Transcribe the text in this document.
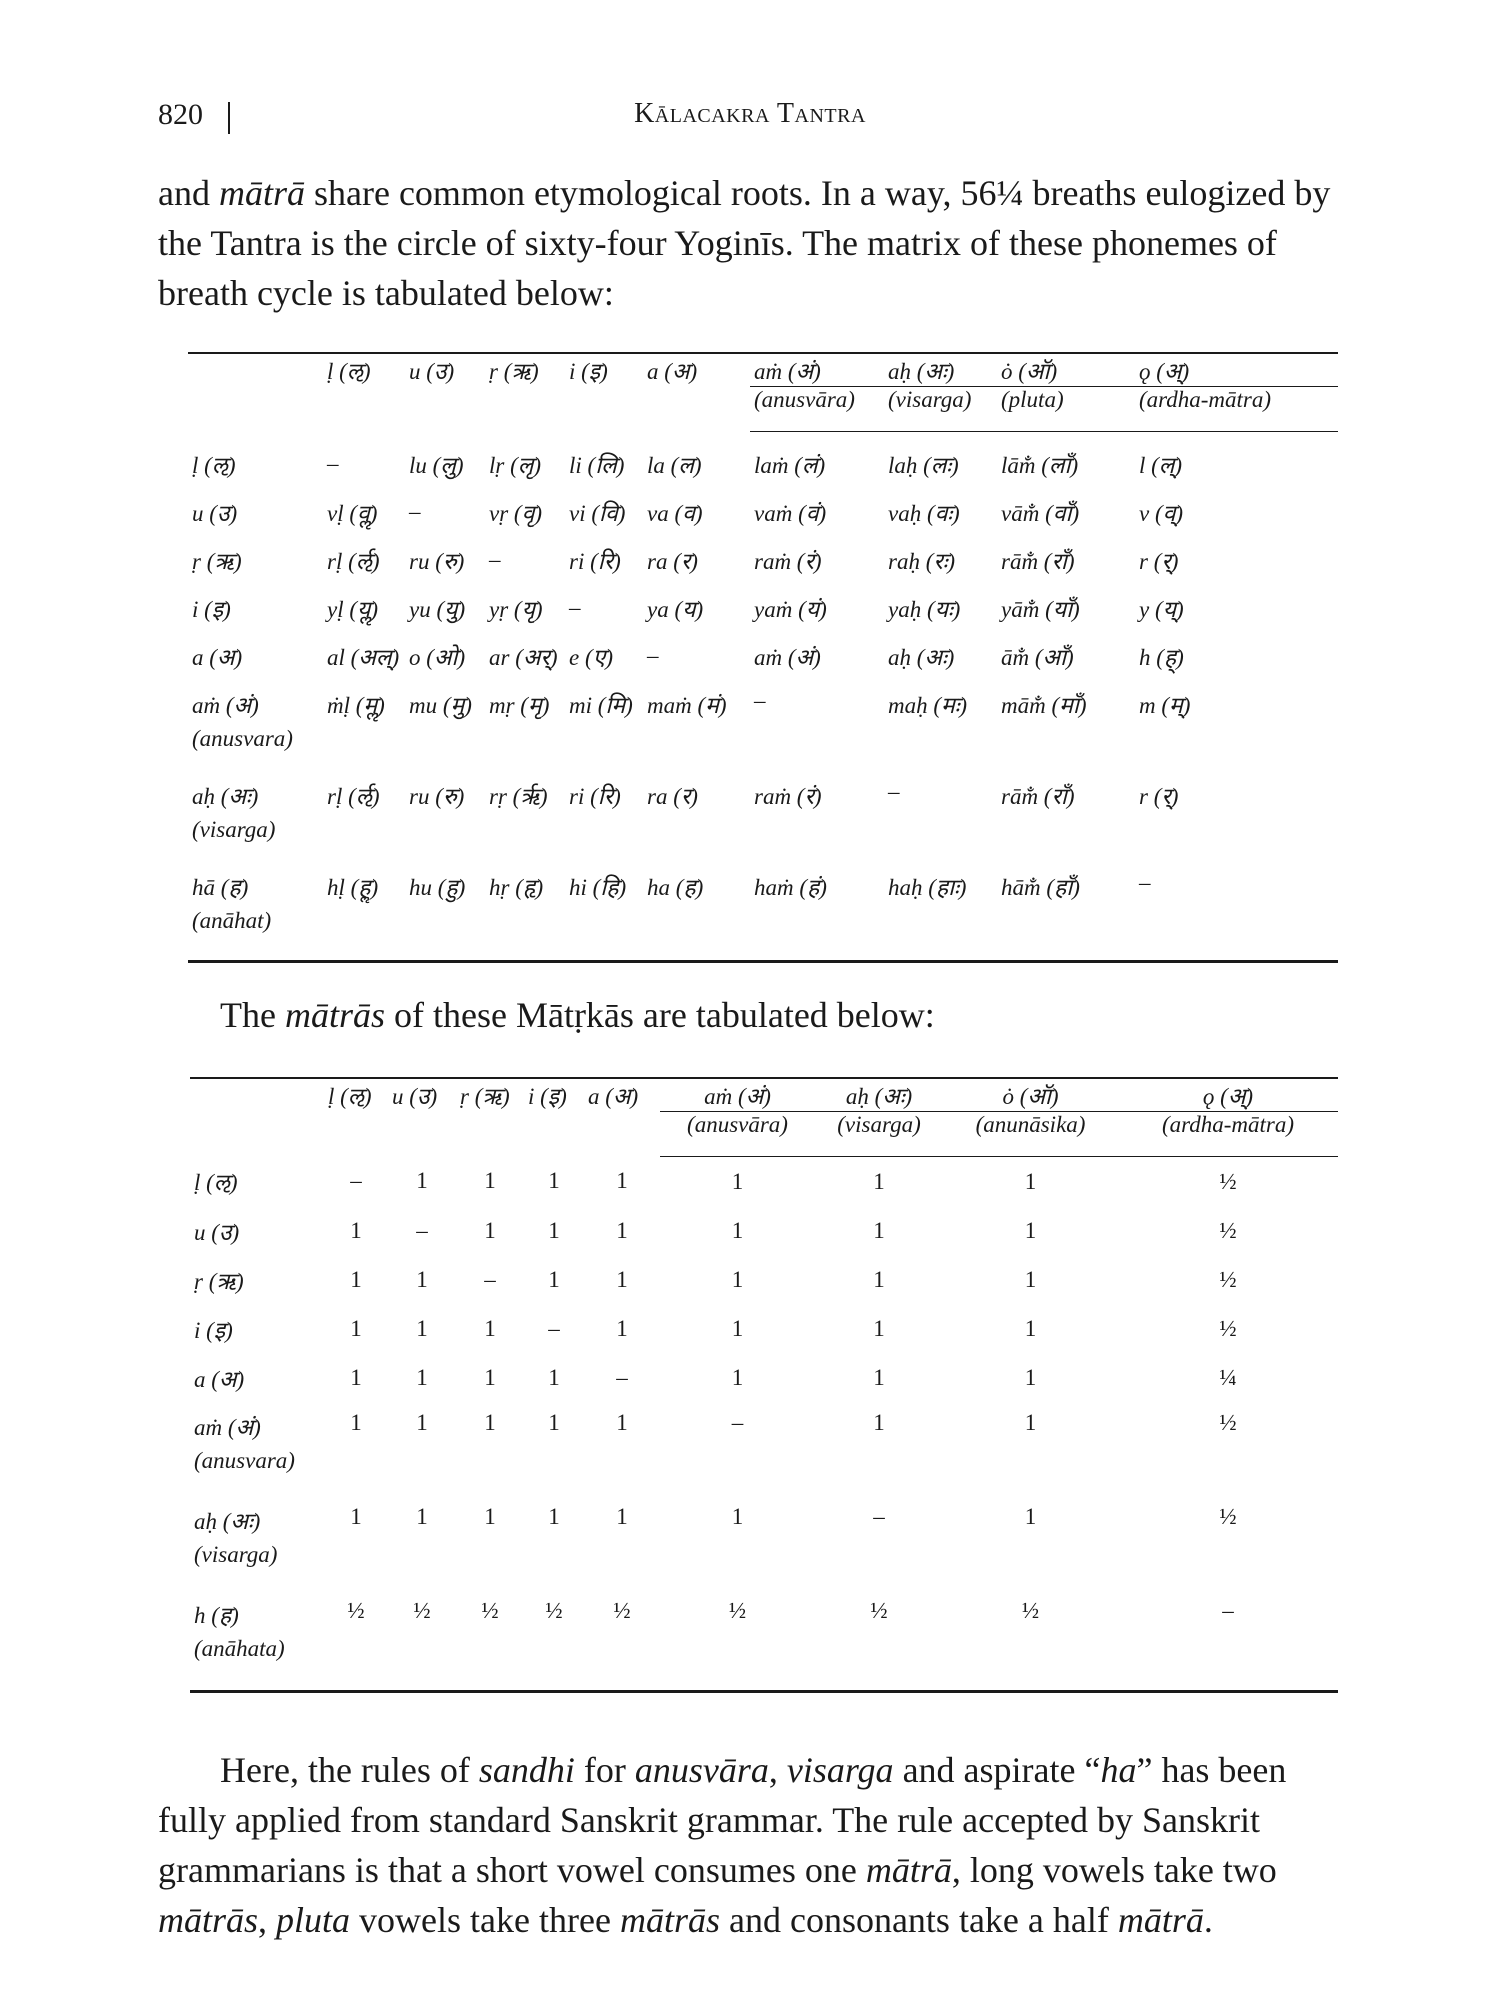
820	Kālacakra Tantra

and mātrā share common etymological roots. In a way, 56¼ breaths eulogized by the Tantra is the circle of sixty-four Yoginīs. The matrix of these phonemes of breath cycle is tabulated below:

	ḷ (ऌ)	u (उ)	ṛ (ऋ)	i (इ)	a (अ)	aṁ (अं)	aḥ (अः)	ȯ (ऑ)	ǫ (अ्)
						(anusvāra)	(visarga)	(pluta)	(ardha-mātra)
ḷ (ऌ)	–	lu (लु)	lṛ (लृ)	li (लि)	la (ल)	laṁ (लं)	laḥ (लः)	lām̐ (लाँ)	l (ल्)
u (उ)	vḷ (वॢ)	–	vṛ (वृ)	vi (वि)	va (व)	vaṁ (वं)	vaḥ (वः)	vām̐ (वाँ)	v (व्)
ṛ (ऋ)	rḷ (रॢ)	ru (रु)	–	ri (रि)	ra (र)	raṁ (रं)	raḥ (रः)	rām̐ (राँ)	r (र्)
i (इ)	yḷ (यॢ)	yu (यु)	yṛ (यृ)	–	ya (य)	yaṁ (यं)	yaḥ (यः)	yām̐ (याँ)	y (य्)
a (अ)	al (अल्)	o (ओ)	ar (अर्)	e (ए)	–	aṁ (अं)	aḥ (अः)	ām̐ (आँ)	h (ह्)
aṁ (अं)
(anusvara)	ṁḷ (मॢ)	mu (मु)	mṛ (मृ)	mi (मि)	maṁ (मं)	–	maḥ (मः)	mām̐ (माँ)	m (म्)
aḥ (अः)
(visarga)	rḷ (रॢ)	ru (रु)	rṛ (रृ)	ri (रि)	ra (र)	raṁ (रं)	–	rām̐ (राँ)	r (र्)
hā (ह)
(anāhat)	hḷ (हॢ)	hu (हु)	hṛ (हृ)	hi (हि)	ha (ह)	haṁ (हं)	haḥ (हाः)	hām̐ (हाँ)	–

The mātrās of these Mātṛkās are tabulated below:

	ḷ (ऌ)	u (उ)	ṛ (ऋ)	i (इ)	a (अ)	aṁ (अं)	aḥ (अः)	ȯ (ऑ)	ǫ (अ्)
						(anusvāra)	(visarga)	(anunāsika)	(ardha-mātra)
ḷ (ऌ)	–	1	1	1	1	1	1	1	½
u (उ)	1	–	1	1	1	1	1	1	½
ṛ (ऋ)	1	1	–	1	1	1	1	1	½
i (इ)	1	1	1	–	1	1	1	1	½
a (अ)	1	1	1	1	–	1	1	1	¼
aṁ (अं)
(anusvara)	1	1	1	1	1	–	1	1	½
aḥ (अः)
(visarga)	1	1	1	1	1	1	–	1	½
h (ह)
(anāhata)	½	½	½	½	½	½	½	½	–

Here, the rules of sandhi for anusvāra, visarga and aspirate “ha” has been fully applied from standard Sanskrit grammar. The rule accepted by Sanskrit grammarians is that a short vowel consumes one mātrā, long vowels take two mātrās, pluta vowels take three mātrās and consonants take a half mātrā.
